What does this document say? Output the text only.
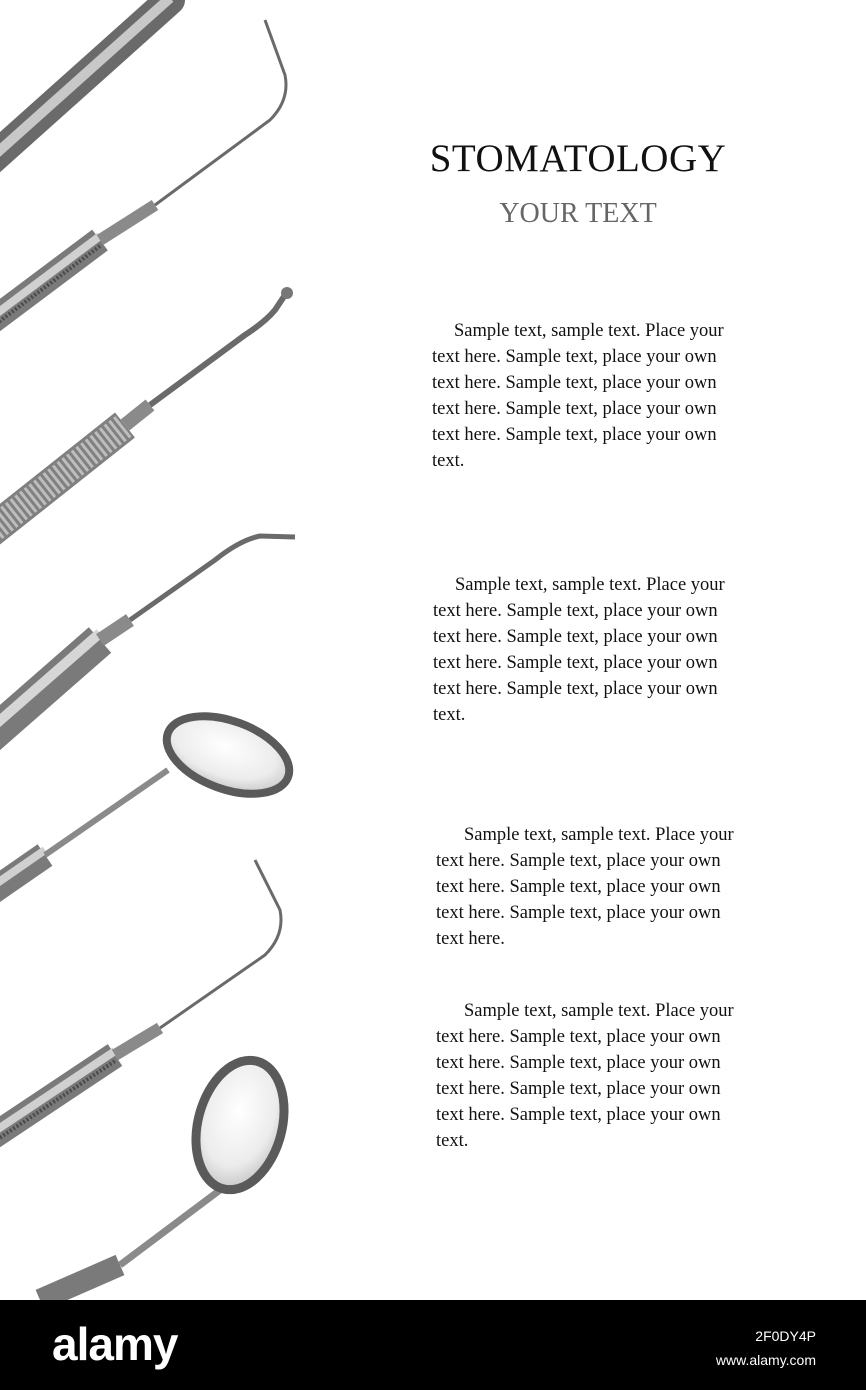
STOMATOLOGY
YOUR TEXT

Sample text, sample text. Place your text here. Sample text, place your own text here. Sample text, place your own text here. Sample text, place your own text here. Sample text, place your own text.

Sample text, sample text. Place your text here. Sample text, place your own text here. Sample text, place your own text here. Sample text, place your own text here. Sample text, place your own text.

Sample text, sample text. Place your text here. Sample text, place your own text here. Sample text, place your own text here. Sample text, place your own text here.

Sample text, sample text. Place your text here. Sample text, place your own text here. Sample text, place your own text here. Sample text, place your own text here. Sample text, place your own text.

alamy	2F0DY4P
www.alamy.com
